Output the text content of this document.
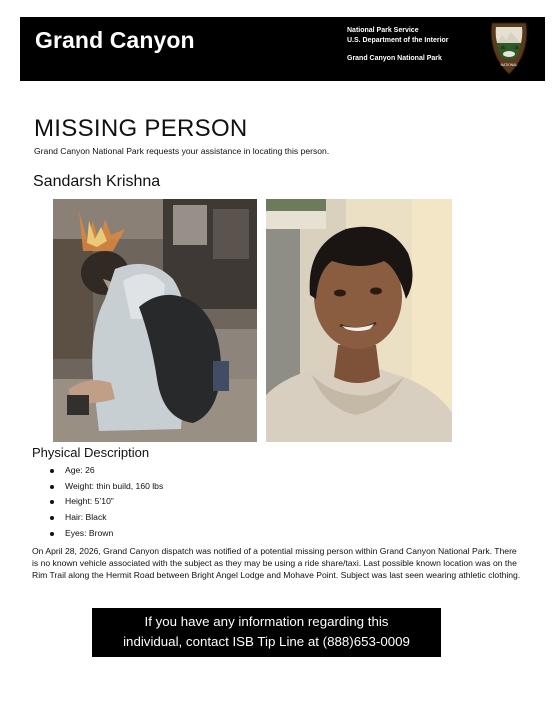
Grand Canyon	National Park Service
U.S. Department of the Interior
Grand Canyon National Park
NATIONAL
MISSING PERSON
Grand Canyon National Park requests your assistance in locating this person.
Sandarsh Krishna
Physical Description
Age: 26
Weight: thin build, 160 lbs
Height: 5’10”
Hair: Black
Eyes: Brown

On April 28, 2026, Grand Canyon dispatch was notified of a potential missing person within Grand Canyon National Park. There is no known vehicle associated with the subject as they may be using a ride share/taxi. Last possible known location was on the Rim Trail along the Hermit Road between Bright Angel Lodge and Mohave Point. Subject was last seen wearing athletic clothing.

If you have any information regarding this
individual, contact ISB Tip Line at (888)653-0009
